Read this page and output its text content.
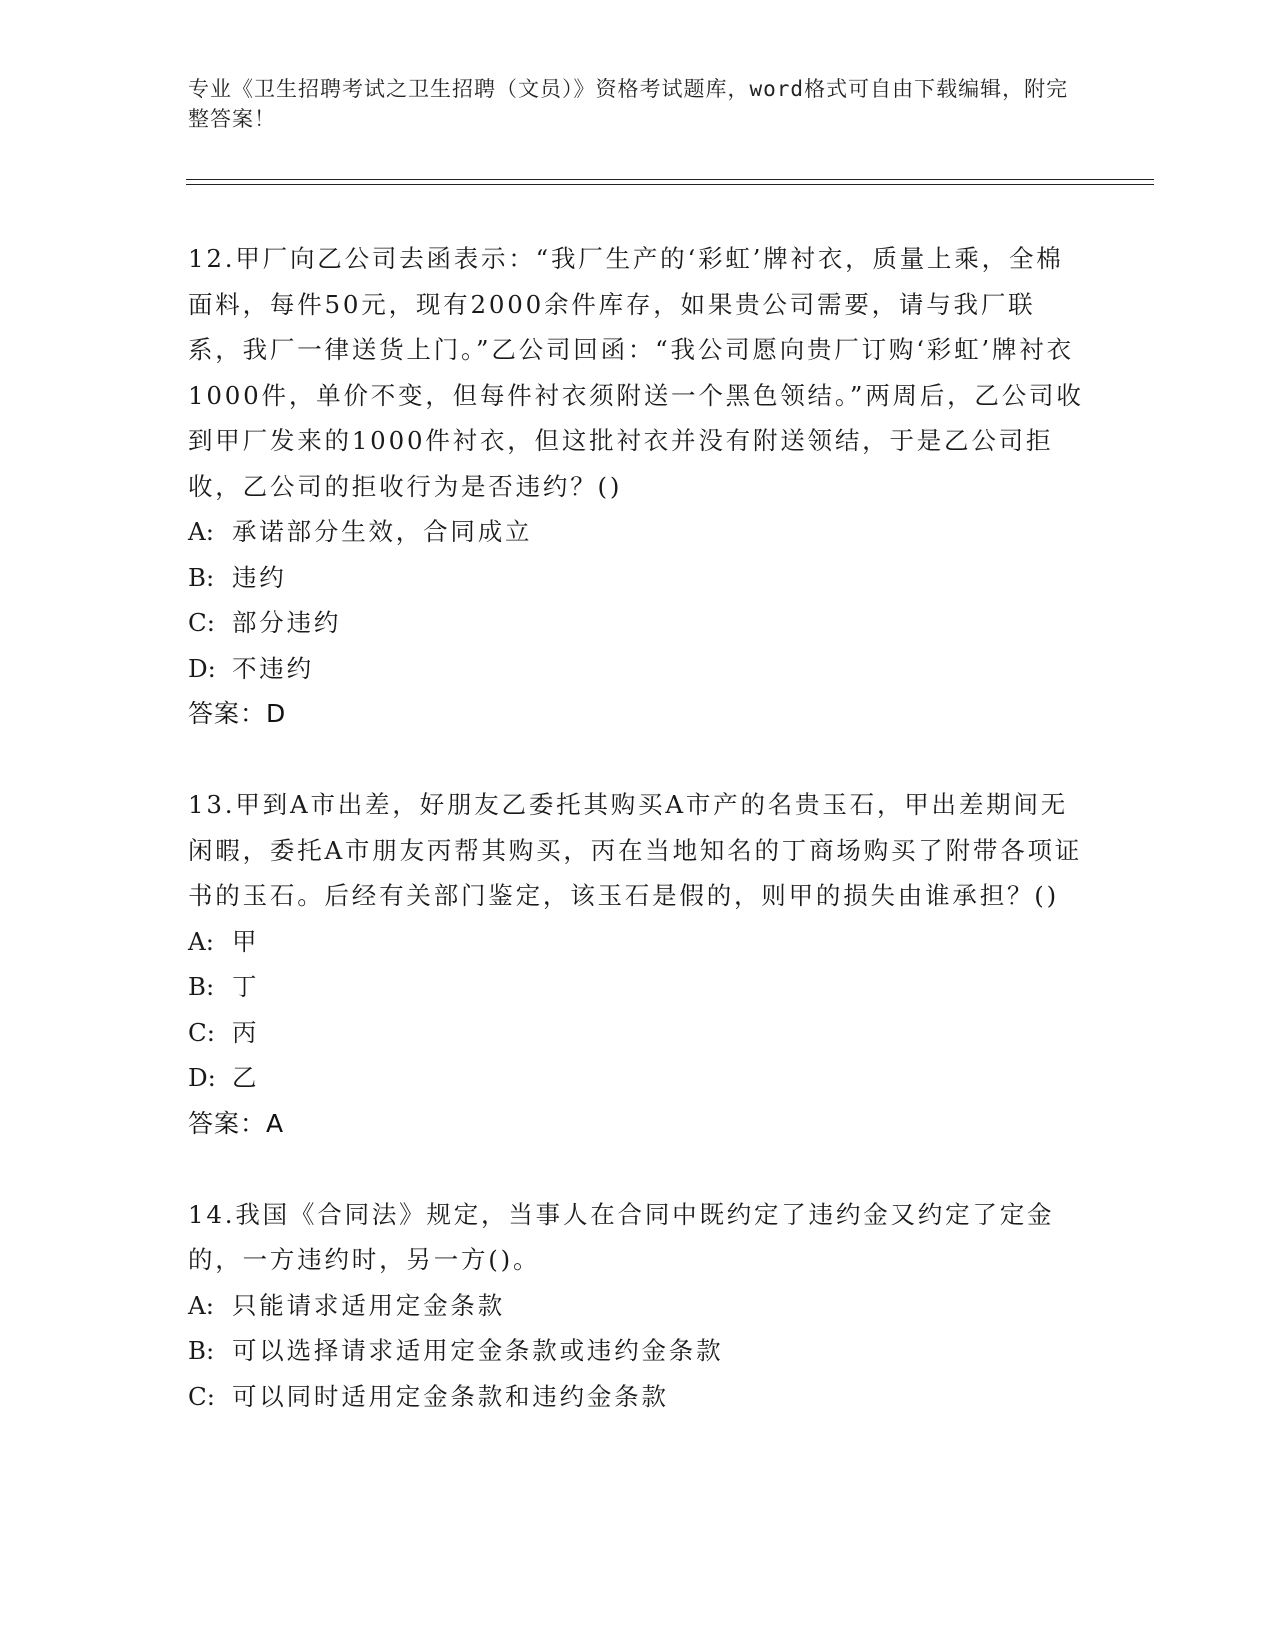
专业《卫生招聘考试之卫生招聘（文员）》资格考试题库，word格式可自由下载编辑，附完整答案！

12.甲厂向乙公司去函表示：“我厂生产的‘彩虹’牌衬衣，质量上乘，全棉面料，每件50元，现有2000余件库存，如果贵公司需要，请与我厂联系，我厂一律送货上门。”乙公司回函：“我公司愿向贵厂订购‘彩虹’牌衬衣1000件，单价不变，但每件衬衣须附送一个黑色领结。”两周后，乙公司收到甲厂发来的1000件衬衣，但这批衬衣并没有附送领结，于是乙公司拒收，乙公司的拒收行为是否违约？()

A: 承诺部分生效，合同成立

B: 违约

C: 部分违约

D: 不违约

答案：D

13.甲到A市出差，好朋友乙委托其购买A市产的名贵玉石，甲出差期间无闲暇，委托A市朋友丙帮其购买，丙在当地知名的丁商场购买了附带各项证书的玉石。后经有关部门鉴定，该玉石是假的，则甲的损失由谁承担？()

A: 甲

B: 丁

C: 丙

D: 乙

答案：A

14.我国《合同法》规定，当事人在合同中既约定了违约金又约定了定金的，一方违约时，另一方()。

A: 只能请求适用定金条款

B: 可以选择请求适用定金条款或违约金条款

C: 可以同时适用定金条款和违约金条款
